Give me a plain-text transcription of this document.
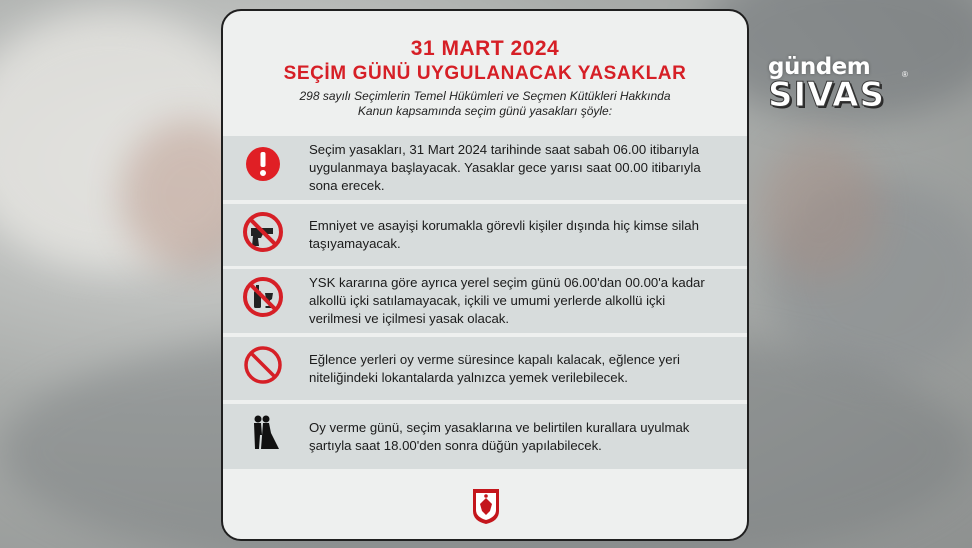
gündem
SIVAS
®
31 MART 2024
SEÇİM GÜNÜ UYGULANACAK YASAKLAR
298 sayılı Seçimlerin Temel Hükümleri ve Seçmen Kütükleri Hakkında
Kanun kapsamında seçim günü yasakları şöyle:
Seçim yasakları, 31 Mart 2024 tarihinde saat sabah 06.00 itibarıyla uygulanmaya başlayacak. Yasaklar gece yarısı saat 00.00 itibarıyla sona erecek.
Emniyet ve asayişi korumakla görevli kişiler dışında hiç kimse silah taşıyamayacak.
YSK kararına göre ayrıca yerel seçim günü 06.00'dan 00.00'a kadar alkollü içki satılamayacak, içkili ve umumi yerlerde alkollü içki verilmesi ve içilmesi yasak olacak.
Eğlence yerleri oy verme süresince kapalı kalacak, eğlence yeri niteliğindeki lokantalarda yalnızca yemek verilebilecek.
Oy verme günü, seçim yasaklarına ve belirtilen kurallara uyulmak şartıyla saat 18.00'den sonra düğün yapılabilecek.
